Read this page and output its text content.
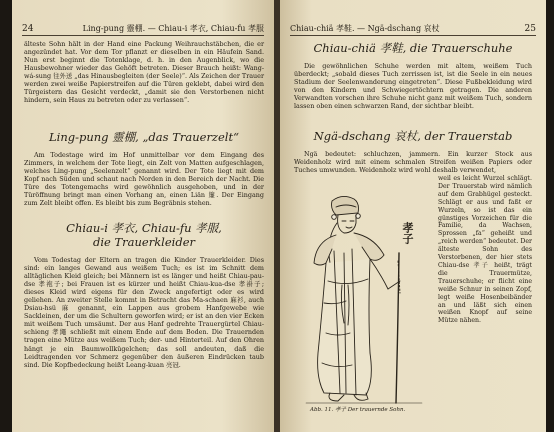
24	Ling-pung 靈棚. — Chiau-i 孝衣, Chiau-fu 孝服

älteste Sohn hält in der Hand eine Packung Weihrauchstäbchen, die er angezündet hat. Vor dem Tor pflanzt er dieselben in ein Häufein Sand. Nun erst beginnt die Totenklage, d. h. in den Augenblick, wo die Hausbewohner wieder das Gehöft betreten. Dieser Brauch heißt: Wang-wá-sung 往外送 „das Hinausbegleiten (der Seele)“. Als Zeichen der Trauer werden zwei weiße Papierstreifen auf die Türen geklebt, dabei wird den Türgeistern das Gesicht verdeckt, „damit sie den Verstorbenen nicht hindern, sein Haus zu betreten oder zu verlassen“.

Ling-pung 靈棚, „das Trauerzelt“

Am Todestage wird im Hof unmittelbar vor dem Eingang des Zimmers, in welchem der Tote liegt, ein Zelt von Matten aufgeschlagen, welches Ling-pung „Seelenzelt“ genannt wird. Der Tote liegt mit dem Kopf nach Süden und schaut nach Norden in den Bereich der Nacht. Die Türe des Totengemachs wird gewöhnlich ausgehoben, und in der Türöffnung bringt man einen Vorhang an, einen Liän 簾. Der Eingang zum Zelt bleibt offen. Es bleibt bis zum Begräbnis stehen.

Chiau-i 孝衣, Chiau-fu 孝服,
die Trauerkleider

Vom Todestag der Eltern an tragen die Kinder Trauerkleider. Dies sind: ein langes Gewand aus weißem Tuch; es ist im Schnitt dem alltäglichen Kleid gleich; bei Männern ist es länger und heißt Chiau-pau-dse 孝袍子; bei Frauen ist es kürzer und heißt Chiau-kua-dse 孝褂子; dieses Kleid wird eigens für den Zweck angefertigt oder es wird geliehen. An zweiter Stelle kommt in Betracht das Ma-schaen 麻衫, auch Dsiau-hsü 麻 genannt, ein Lappen aus grobem Hanfgewebe wie Sackleinen, der um die Schultern geworfen wird; er ist an den vier Ecken mit weißem Tuch umsäumt. Der aus Hanf gedrehte Trauergürtel Chiau-schieng 孝繩 schließt mit einem Ende auf dem Boden. Die Trauernden tragen eine Mütze aus weißem Tuch; der- und Hinterteil. Auf den Ohren hängt je ein Baumwollkügelchen; das soll andeuten, daß die Leidtragenden vor Schmerz gegenüber den äußeren Eindrücken taub sind. Die Kopfbedeckung heißt Leang-kuan 亮冠.

Chiau-chiä 孝鞋. — Ngä-dschang 哀杖	25
Chiau-chiä 孝鞋, die Trauerschuhe

Die gewöhnlichen Schuhe werden mit altem, weißem Tuch überdeckt; „sobald dieses Tuch zerrissen ist, ist die Seele in ein neues Stadium der Seelenwanderung eingetreten“. Diese Fußbekleidung wird von den Kindern und Schwiegertöchtern getragen. Die anderen Verwandten vorschen ihre Schuhe nicht ganz mit weißem Tuch, sondern lassen oben einen schwarzen Rand, der sichtbar bleibt.

Ngä-dschang 哀杖, der Trauerstab

Ngä bedeutet: schluchzen, jammern. Ein kurzer Stock aus Weidenholz wird mit einem schmalen Streifen weißen Papiers oder Tuches umwunden. Weidenholz wird wohl deshalb verwendet,

weil es leicht Wurzel schlägt. Der Trauerstab wird nämlich auf dem Grabhügel gesteckt. Schlägt er aus und faßt er Wurzeln, so ist das ein günstiges Vorzeichen für die Familie, da Wachsen, Sprossen „fa“ geheißt und „reich werden“ bedeutet. Der älteste Sohn des Verstorbenen, der hier stets Chiau-dse 孝子 heißt, trägt die Trauermütze, Trauerschuhe; er flicht eine weiße Schnur in seinen Zopf, legt weiße Hosenbeibänder an und läßt sich einen weißen Knopf auf seine Mütze nähen.

孝子
Abb. 11. 孝子 Der trauernde Sohn.
